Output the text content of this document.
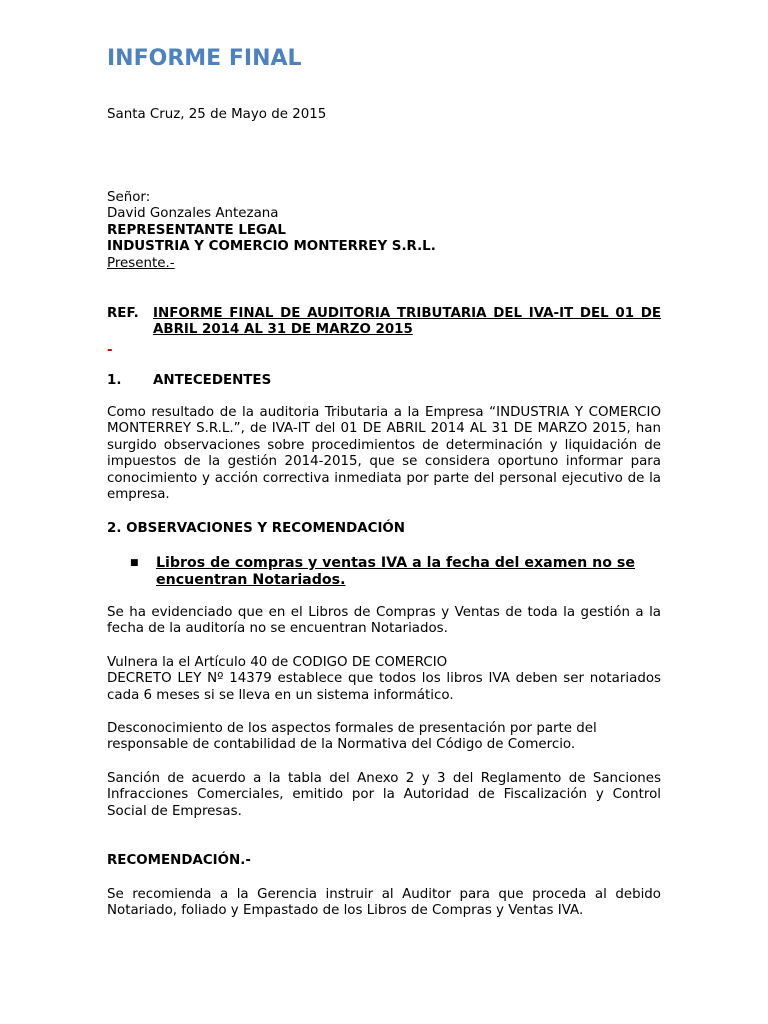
INFORME FINAL
Santa Cruz, 25 de Mayo de 2015
Señor:
David Gonzales Antezana
REPRESENTANTE LEGAL
INDUSTRIA Y COMERCIO MONTERREY S.R.L.
Presente.-
REF.	INFORME FINAL DE AUDITORIA TRIBUTARIA DEL IVA-IT DEL 01 DE ABRIL 2014 AL 31 DE MARZO 2015
-
1.	ANTECEDENTES
Como resultado de la auditoria Tributaria a la Empresa “INDUSTRIA Y COMERCIO MONTERREY S.R.L.”, de IVA-IT del 01 DE ABRIL 2014 AL 31 DE MARZO 2015, han surgido observaciones sobre procedimientos de determinación y liquidación de impuestos de la gestión 2014-2015, que se considera oportuno informar para conocimiento y acción correctiva inmediata por parte del personal ejecutivo de la empresa.
2. OBSERVACIONES Y RECOMENDACIÓN
■	Libros de compras y ventas IVA a la fecha del examen no se encuentran Notariados.
Se ha evidenciado que en el Libros de Compras y Ventas de toda la gestión a la fecha de la auditoría no se encuentran Notariados.
Vulnera la el Artículo 40 de CODIGO DE COMERCIO
DECRETO LEY Nº 14379 establece que todos los libros IVA deben ser notariados cada 6 meses si se lleva en un sistema informático.
Desconocimiento de los aspectos formales de presentación por parte del responsable de contabilidad de la Normativa del Código de Comercio.
Sanción de acuerdo a la tabla del Anexo 2 y 3 del Reglamento de Sanciones Infracciones Comerciales, emitido por la Autoridad de Fiscalización y Control Social de Empresas.
RECOMENDACIÓN.-
Se recomienda a la Gerencia instruir al Auditor para que proceda al debido Notariado, foliado y Empastado de los Libros de Compras y Ventas IVA.
